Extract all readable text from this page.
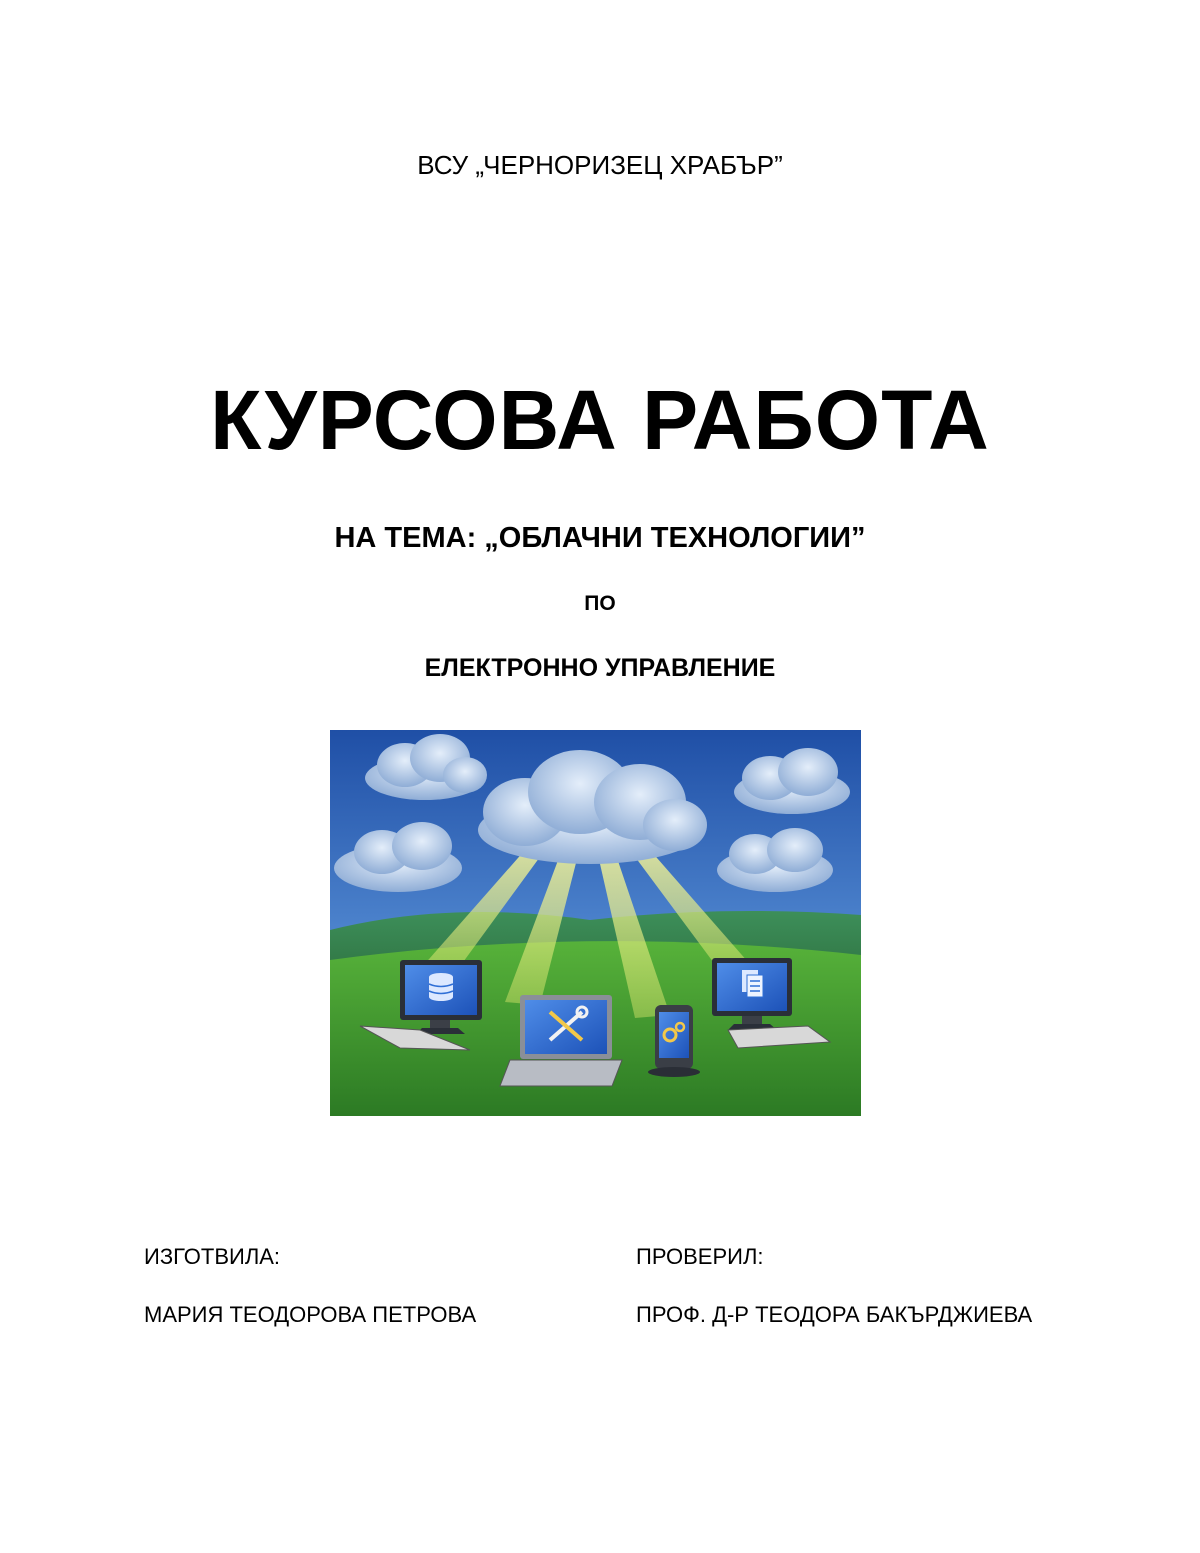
ВСУ „ЧЕРНОРИЗЕЦ ХРАБЪР”
КУРСОВА РАБОТА
НА ТЕМА: „ОБЛАЧНИ ТЕХНОЛОГИИ”
ПО
ЕЛЕКТРОННО УПРАВЛЕНИЕ
ИЗГОТВИЛА:
МАРИЯ ТЕОДОРОВА ПЕТРОВА
ПРОВЕРИЛ:
ПРОФ. Д-Р ТЕОДОРА БАКЪРДЖИЕВА
